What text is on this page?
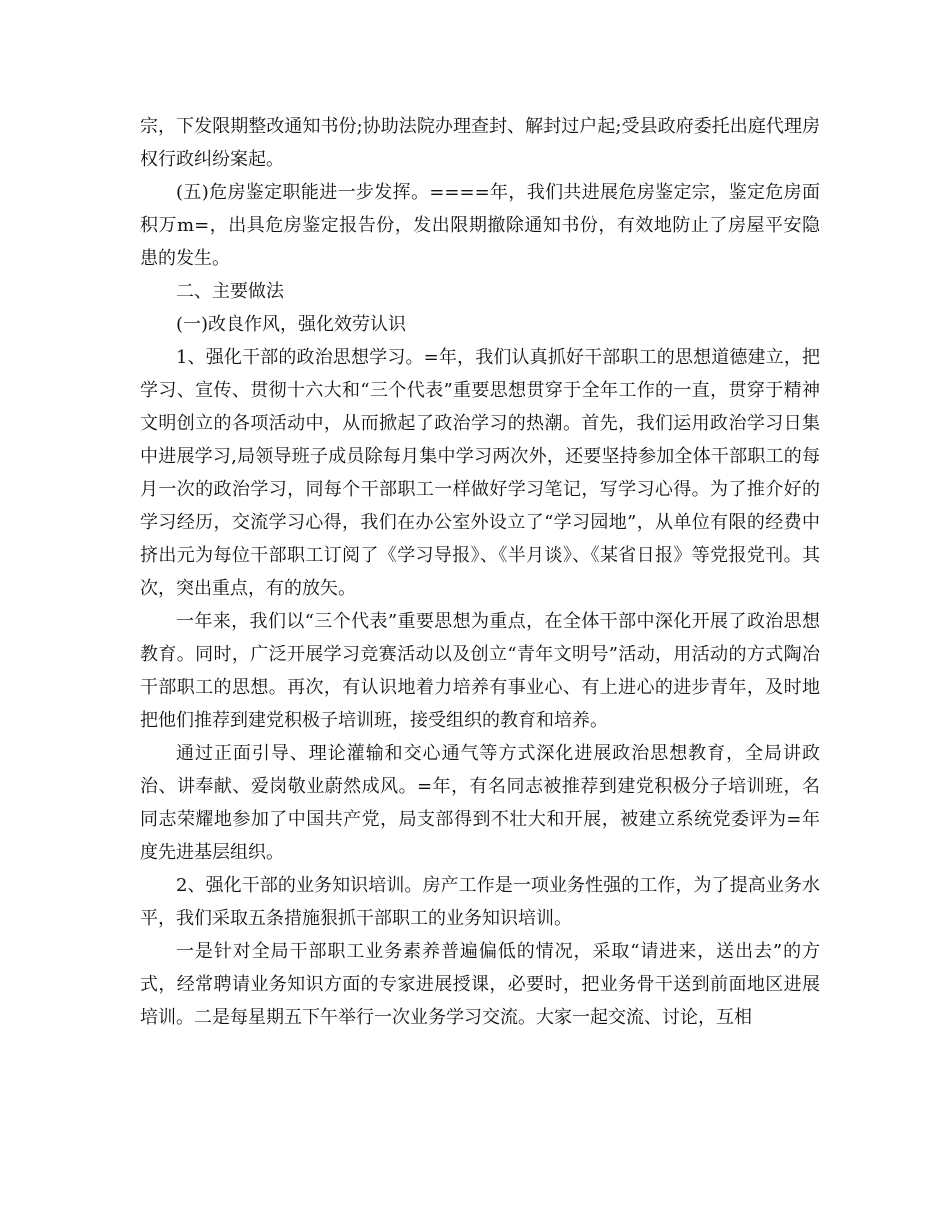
宗，下发限期整改通知书份;协助法院办理查封、解封过户起;受县政府委托出庭代理房权行政纠纷案起。

(五)危房鉴定职能进一步发挥。====年，我们共进展危房鉴定宗，鉴定危房面积万m=，出具危房鉴定报告份，发出限期撤除通知书份，有效地防止了房屋平安隐患的发生。

二、主要做法

(一)改良作风，强化效劳认识

1、强化干部的政治思想学习。=年，我们认真抓好干部职工的思想道德建立，把学习、宣传、贯彻十六大和“三个代表”重要思想贯穿于全年工作的一直，贯穿于精神文明创立的各项活动中，从而掀起了政治学习的热潮。首先，我们运用政治学习日集中进展学习,局领导班子成员除每月集中学习两次外，还要坚持参加全体干部职工的每月一次的政治学习，同每个干部职工一样做好学习笔记，写学习心得。为了推介好的学习经历，交流学习心得，我们在办公室外设立了“学习园地”，从单位有限的经费中挤出元为每位干部职工订阅了《学习导报》、《半月谈》、《某省日报》等党报党刊。其次，突出重点，有的放矢。

一年来，我们以“三个代表”重要思想为重点，在全体干部中深化开展了政治思想教育。同时，广泛开展学习竞赛活动以及创立“青年文明号”活动，用活动的方式陶冶干部职工的思想。再次，有认识地着力培养有事业心、有上进心的进步青年，及时地把他们推荐到建党积极子培训班，接受组织的教育和培养。

通过正面引导、理论灌输和交心通气等方式深化进展政治思想教育，全局讲政治、讲奉献、爱岗敬业蔚然成风。=年，有名同志被推荐到建党积极分子培训班，名同志荣耀地参加了中国共产党，局支部得到不壮大和开展，被建立系统党委评为=年度先进基层组织。

2、强化干部的业务知识培训。房产工作是一项业务性强的工作，为了提高业务水平，我们采取五条措施狠抓干部职工的业务知识培训。

一是针对全局干部职工业务素养普遍偏低的情况，采取“请进来，送出去”的方式，经常聘请业务知识方面的专家进展授课，必要时，把业务骨干送到前面地区进展培训。二是每星期五下午举行一次业务学习交流。大家一起交流、讨论，互相
